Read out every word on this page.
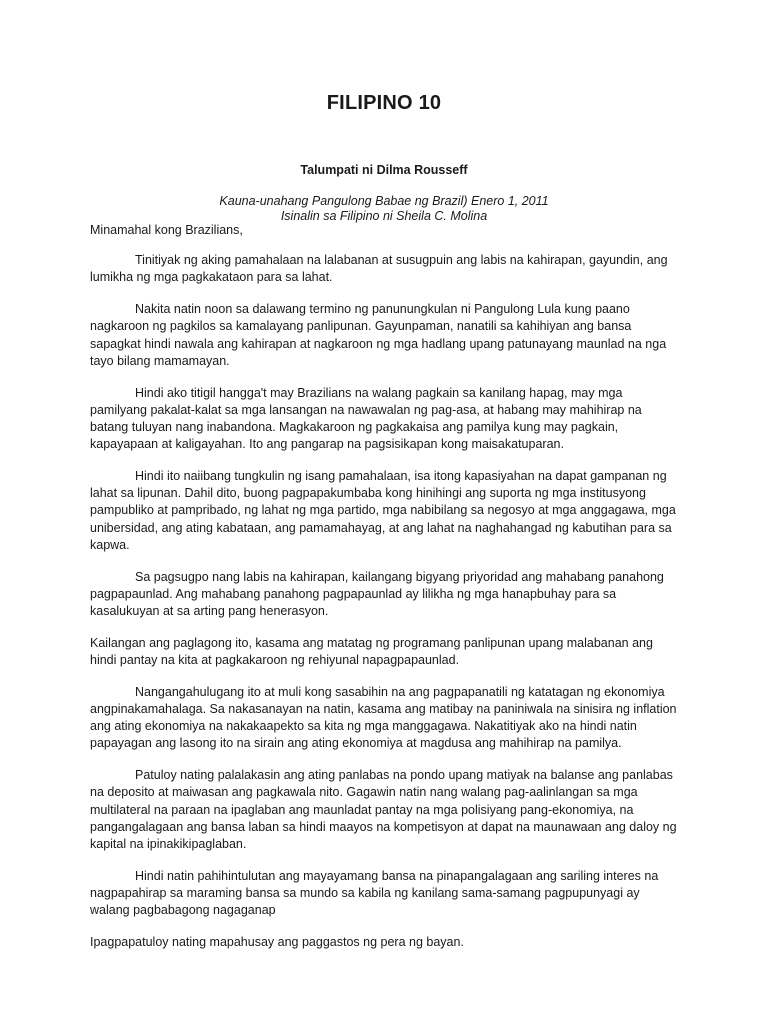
FILIPINO 10
Talumpati ni Dilma Rousseff
Kauna-unahang Pangulong Babae ng Brazil) Enero 1, 2011
Isinalin sa Filipino ni Sheila C. Molina

Minamahal kong Brazilians,

Tinitiyak ng aking pamahalaan na lalabanan at susugpuin ang labis na kahirapan, gayundin, ang lumikha ng mga pagkakataon para sa lahat.

Nakita natin noon sa dalawang termino ng panunungkulan ni Pangulong Lula kung paano nagkaroon ng pagkilos sa kamalayang panlipunan. Gayunpaman, nanatili sa kahihiyan ang bansa sapagkat hindi nawala ang kahirapan at nagkaroon ng mga hadlang upang patunayang maunlad na nga tayo bilang mamamayan.

Hindi ako titigil hangga't may Brazilians na walang pagkain sa kanilang hapag, may mga pamilyang pakalat-kalat sa mga lansangan na nawawalan ng pag-asa, at habang may mahihirap na batang tuluyan nang inabandona. Magkakaroon ng pagkakaisa ang pamilya kung may pagkain, kapayapaan at kaligayahan. Ito ang pangarap na pagsisikapan kong maisakatuparan.

Hindi ito naiibang tungkulin ng isang pamahalaan, isa itong kapasiyahan na dapat gampanan ng lahat sa lipunan. Dahil dito, buong pagpapakumbaba kong hinihingi ang suporta ng mga institusyong pampubliko at pampribado, ng lahat ng mga partido, mga nabibilang sa negosyo at mga anggagawa, mga unibersidad, ang ating kabataan, ang pamamahayag, at ang lahat na naghahangad ng kabutihan para sa kapwa.

Sa pagsugpo nang labis na kahirapan, kailangang bigyang priyoridad ang mahabang panahong pagpapaunlad. Ang mahabang panahong pagpapaunlad ay lilikha ng mga hanapbuhay para sa kasalukuyan at sa arting pang henerasyon.

Kailangan ang paglagong ito, kasama ang matatag ng programang panlipunan upang malabanan ang hindi pantay na kita at pagkakaroon ng rehiyunal napagpapaunlad.

Nangangahulugang ito at muli kong sasabihin na ang pagpapanatili ng katatagan ng ekonomiya angpinakamahalaga. Sa nakasanayan na natin, kasama ang matibay na paniniwala na sinisira ng inflation ang ating ekonomiya na nakakaapekto sa kita ng mga manggagawa. Nakatitiyak ako na hindi natin papayagan ang lasong ito na sirain ang ating ekonomiya at magdusa ang mahihirap na pamilya.

Patuloy nating palalakasin ang ating panlabas na pondo upang matiyak na balanse ang panlabas na deposito at maiwasan ang pagkawala nito. Gagawin natin nang walang pag-aalinlangan sa mga multilateral na paraan na ipaglaban ang maunladat pantay na mga polisiyang pang-ekonomiya, na pangangalagaan ang bansa laban sa hindi maayos na kompetisyon at dapat na maunawaan ang daloy ng kapital na ipinakikipaglaban.

Hindi natin pahihintulutan ang mayayamang bansa na pinapangalagaan ang sariling interes na nagpapahirap sa maraming bansa sa mundo sa kabila ng kanilang sama-samang pagpupunyagi ay walang pagbabagong nagaganap

Ipagpapatuloy nating mapahusay ang paggastos ng pera ng bayan.
